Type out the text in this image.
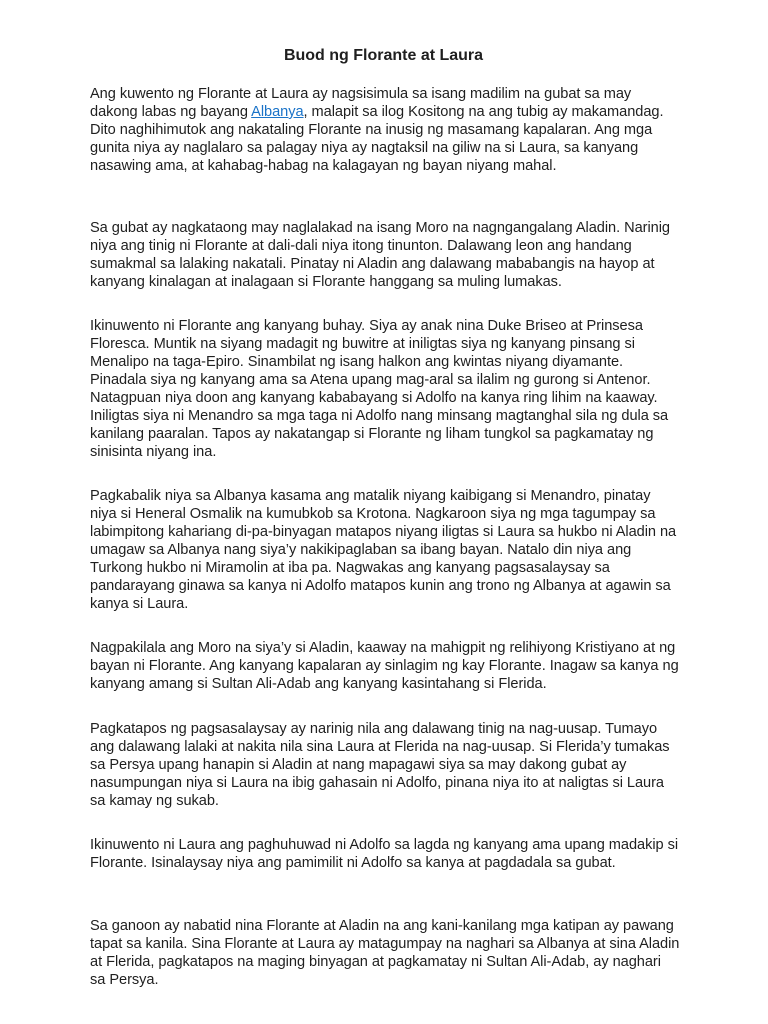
Buod ng Florante at Laura

Ang kuwento ng Florante at Laura ay nagsisimula sa isang madilim na gubat sa may dakong labas ng bayang Albanya, malapit sa ilog Kositong na ang tubig ay makamandag. Dito naghihimutok ang nakataling Florante na inusig ng masamang kapalaran. Ang mga gunita niya ay naglalaro sa palagay niya ay nagtaksil na giliw na si Laura, sa kanyang nasawing ama, at kahabag-habag na kalagayan ng bayan niyang mahal.

Sa gubat ay nagkataong may naglalakad na isang Moro na nagngangalang Aladin. Narinig niya ang tinig ni Florante at dali-dali niya itong tinunton. Dalawang leon ang handang sumakmal sa lalaking nakatali. Pinatay ni Aladin ang dalawang mababangis na hayop at kanyang kinalagan at inalagaan si Florante hanggang sa muling lumakas.

Ikinuwento ni Florante ang kanyang buhay. Siya ay anak nina Duke Briseo at Prinsesa Floresca. Muntik na siyang madagit ng buwitre at iniligtas siya ng kanyang pinsang si Menalipo na taga-Epiro. Sinambilat ng isang halkon ang kwintas niyang diyamante. Pinadala siya ng kanyang ama sa Atena upang mag-aral sa ilalim ng gurong si Antenor. Natagpuan niya doon ang kanyang kababayang si Adolfo na kanya ring lihim na kaaway. Iniligtas siya ni Menandro sa mga taga ni Adolfo nang minsang magtanghal sila ng dula sa kanilang paaralan. Tapos ay nakatangap si Florante ng liham tungkol sa pagkamatay ng sinisinta niyang ina.

Pagkabalik niya sa Albanya kasama ang matalik niyang kaibigang si Menandro, pinatay niya si Heneral Osmalik na kumubkob sa Krotona. Nagkaroon siya ng mga tagumpay sa labimpitong kahariang di-pa-binyagan matapos niyang iligtas si Laura sa hukbo ni Aladin na umagaw sa Albanya nang siya’y nakikipaglaban sa ibang bayan. Natalo din niya ang Turkong hukbo ni Miramolin at iba pa. Nagwakas ang kanyang pagsasalaysay sa pandarayang ginawa sa kanya ni Adolfo matapos kunin ang trono ng Albanya at agawin sa kanya si Laura.

Nagpakilala ang Moro na siya’y si Aladin, kaaway na mahigpit ng relihiyong Kristiyano at ng bayan ni Florante. Ang kanyang kapalaran ay sinlagim ng kay Florante. Inagaw sa kanya ng kanyang amang si Sultan Ali-Adab ang kanyang kasintahang si Flerida.

Pagkatapos ng pagsasalaysay ay narinig nila ang dalawang tinig na nag-uusap. Tumayo ang dalawang lalaki at nakita nila sina Laura at Flerida na nag-uusap. Si Flerida’y tumakas sa Persya upang hanapin si Aladin at nang mapagawi siya sa may dakong gubat ay nasumpungan niya si Laura na ibig gahasain ni Adolfo, pinana niya ito at naligtas si Laura sa kamay ng sukab.

Ikinuwento ni Laura ang paghuhuwad ni Adolfo sa lagda ng kanyang ama upang madakip si Florante. Isinalaysay niya ang pamimilit ni Adolfo sa kanya at pagdadala sa gubat.

Sa ganoon ay nabatid nina Florante at Aladin na ang kani-kanilang mga katipan ay pawang tapat sa kanila. Sina Florante at Laura ay matagumpay na naghari sa Albanya at sina Aladin at Flerida, pagkatapos na maging binyagan at pagkamatay ni Sultan Ali-Adab, ay naghari sa Persya.
